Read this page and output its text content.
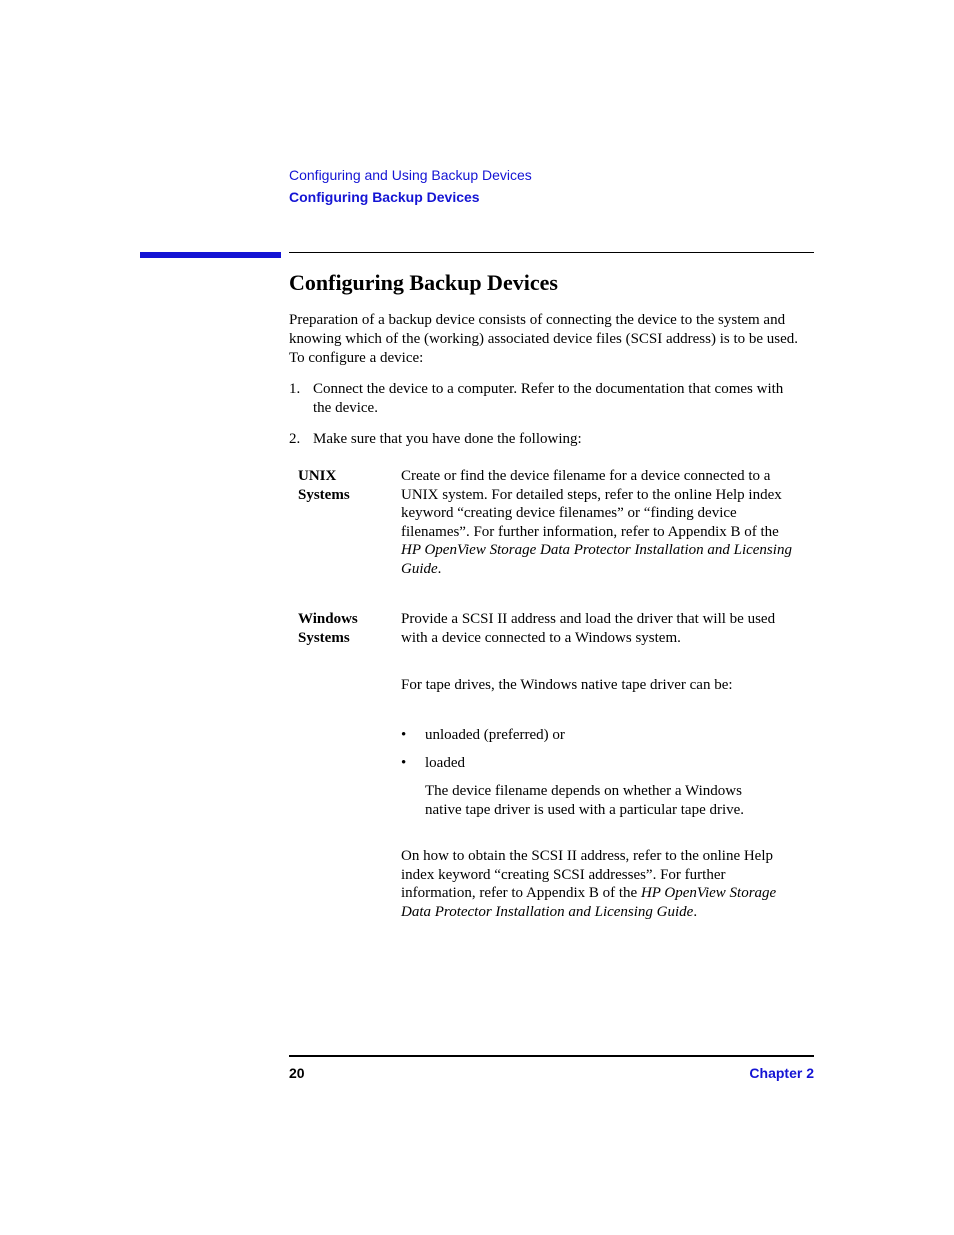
Configuring and Using Backup Devices
Configuring Backup Devices
Configuring Backup Devices

Preparation of a backup device consists of connecting the device to the system and knowing which of the (working) associated device files (SCSI address) is to be used. To configure a device:

1. Connect the device to a computer. Refer to the documentation that comes with the device.
2. Make sure that you have done the following:
UNIX
Systems
Create or find the device filename for a device connected to a UNIX system. For detailed steps, refer to the online Help index keyword “creating device filenames” or “finding device filenames”. For further information, refer to Appendix B of the HP OpenView Storage Data Protector Installation and Licensing Guide.
Windows
Systems
Provide a SCSI II address and load the driver that will be used with a device connected to a Windows system.
For tape drives, the Windows native tape driver can be:
• unloaded (preferred) or
• loaded
The device filename depends on whether a Windows native tape driver is used with a particular tape drive.
On how to obtain the SCSI II address, refer to the online Help index keyword “creating SCSI addresses”. For further information, refer to Appendix B of the HP OpenView Storage Data Protector Installation and Licensing Guide.
20	Chapter 2
